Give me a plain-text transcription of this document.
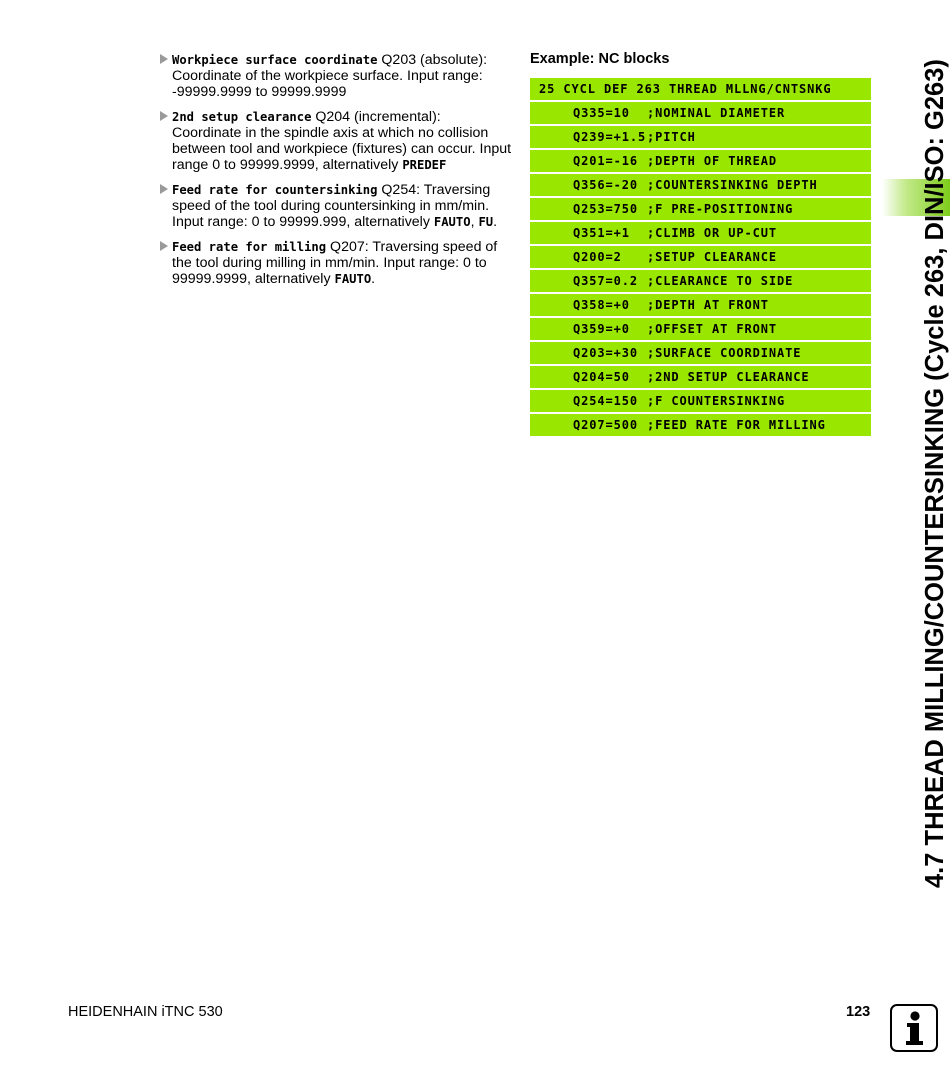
Workpiece surface coordinate Q203 (absolute): Coordinate of the workpiece surface. Input range: -99999.9999 to 99999.9999
2nd setup clearance Q204 (incremental): Coordinate in the spindle axis at which no collision between tool and workpiece (fixtures) can occur. Input range 0 to 99999.9999, alternatively PREDEF
Feed rate for countersinking Q254: Traversing speed of the tool during countersinking in mm/min. Input range: 0 to 99999.999, alternatively FAUTO, FU.
Feed rate for milling Q207: Traversing speed of the tool during milling in mm/min. Input range: 0 to 99999.9999, alternatively FAUTO.
Example: NC blocks
25 CYCL DEF 263 THREAD MLLNG/CNTSNKG
Q335=10 ;NOMINAL DIAMETER
Q239=+1.5;PITCH
Q201=-16 ;DEPTH OF THREAD
Q356=-20 ;COUNTERSINKING DEPTH
Q253=750 ;F PRE-POSITIONING
Q351=+1 ;CLIMB OR UP-CUT
Q200=2 ;SETUP CLEARANCE
Q357=0.2 ;CLEARANCE TO SIDE
Q358=+0 ;DEPTH AT FRONT
Q359=+0 ;OFFSET AT FRONT
Q203=+30 ;SURFACE COORDINATE
Q204=50 ;2ND SETUP CLEARANCE
Q254=150 ;F COUNTERSINKING
Q207=500 ;FEED RATE FOR MILLING	4.7 THREAD MILLING/COUNTERSINKING (Cycle 263, DIN/ISO: G263)
HEIDENHAIN iTNC 530	123
